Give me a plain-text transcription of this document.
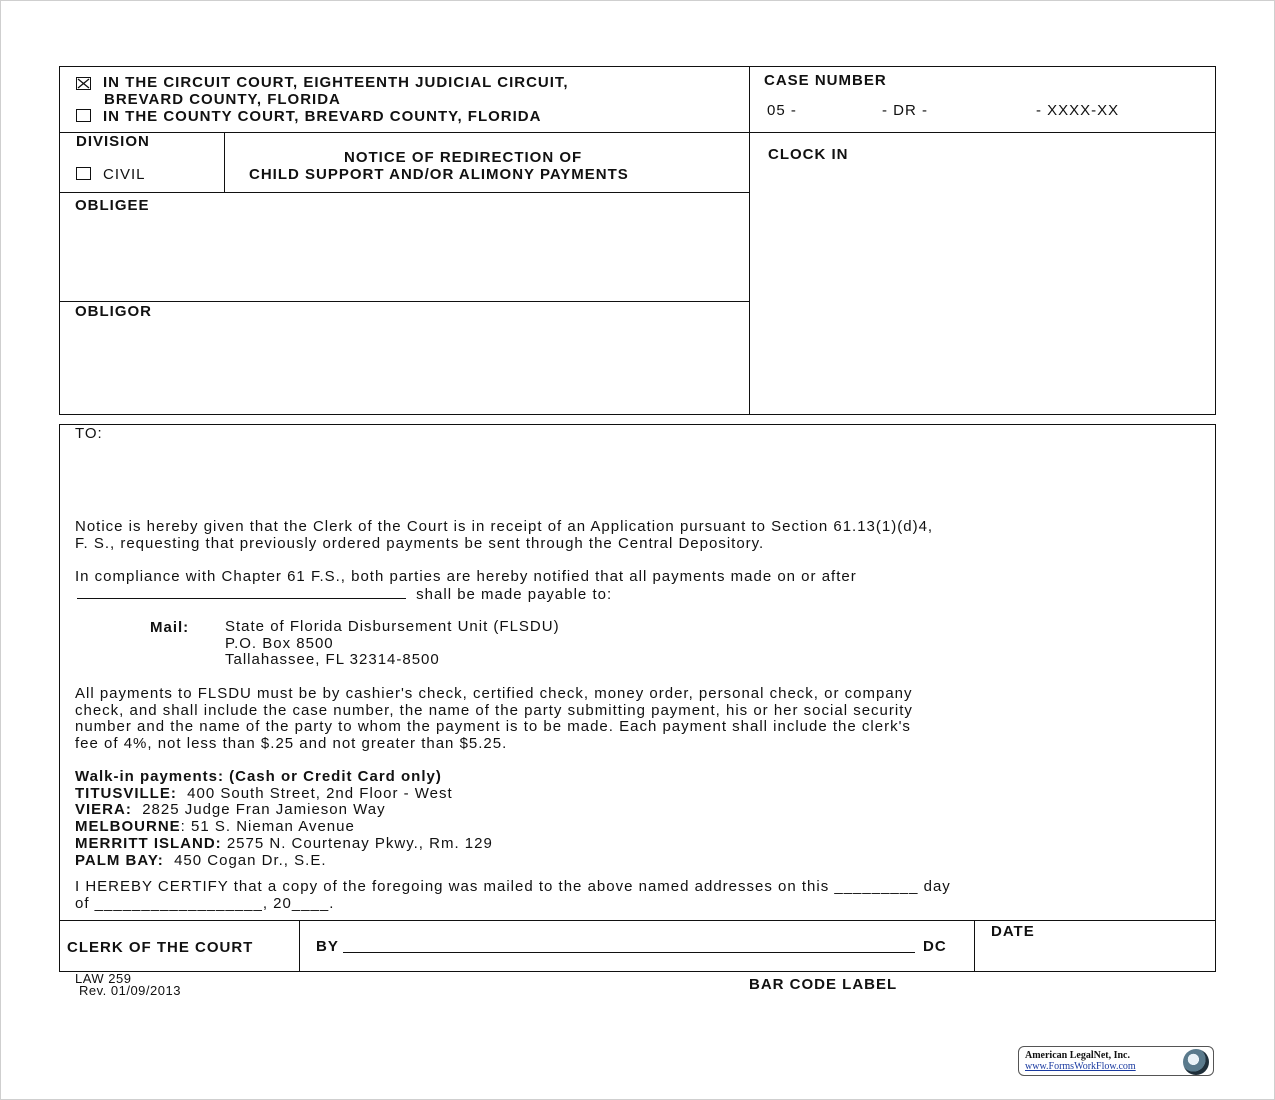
IN THE CIRCUIT COURT, EIGHTEENTH JUDICIAL CIRCUIT,
BREVARD COUNTY, FLORIDA
IN THE COUNTY COURT, BREVARD COUNTY, FLORIDA
CASE NUMBER
05 -	- DR -	- XXXX-XX
DIVISION
CIVIL
NOTICE OF REDIRECTION OF
CHILD SUPPORT AND/OR ALIMONY PAYMENTS
CLOCK IN
OBLIGEE
OBLIGOR
TO:
Notice is hereby given that the Clerk of the Court is in receipt of an Application pursuant to Section 61.13(1)(d)4,
F. S., requesting that previously ordered payments be sent through the Central Depository.
In compliance with Chapter 61 F.S., both parties are hereby notified that all payments made on or after
shall be made payable to:
Mail: State of Florida Disbursement Unit (FLSDU)
P.O. Box 8500
Tallahassee, FL 32314-8500
All payments to FLSDU must be by cashier's check, certified check, money order, personal check, or company
check, and shall include the case number, the name of the party submitting payment, his or her social security
number and the name of the party to whom the payment is to be made. Each payment shall include the clerk's
fee of 4%, not less than $.25 and not greater than $5.25.
Walk-in payments: (Cash or Credit Card only)
TITUSVILLE: 400 South Street, 2nd Floor - West
VIERA: 2825 Judge Fran Jamieson Way
MELBOURNE: 51 S. Nieman Avenue
MERRITT ISLAND: 2575 N. Courtenay Pkwy., Rm. 129
PALM BAY: 450 Cogan Dr., S.E.
I HEREBY CERTIFY that a copy of the foregoing was mailed to the above named addresses on this _________ day
of __________________, 20____.
CLERK OF THE COURT	BY	DC
DATE
LAW 259
Rev. 01/09/2013	BAR CODE LABEL
American LegalNet, Inc.
www.FormsWorkFlow.com
